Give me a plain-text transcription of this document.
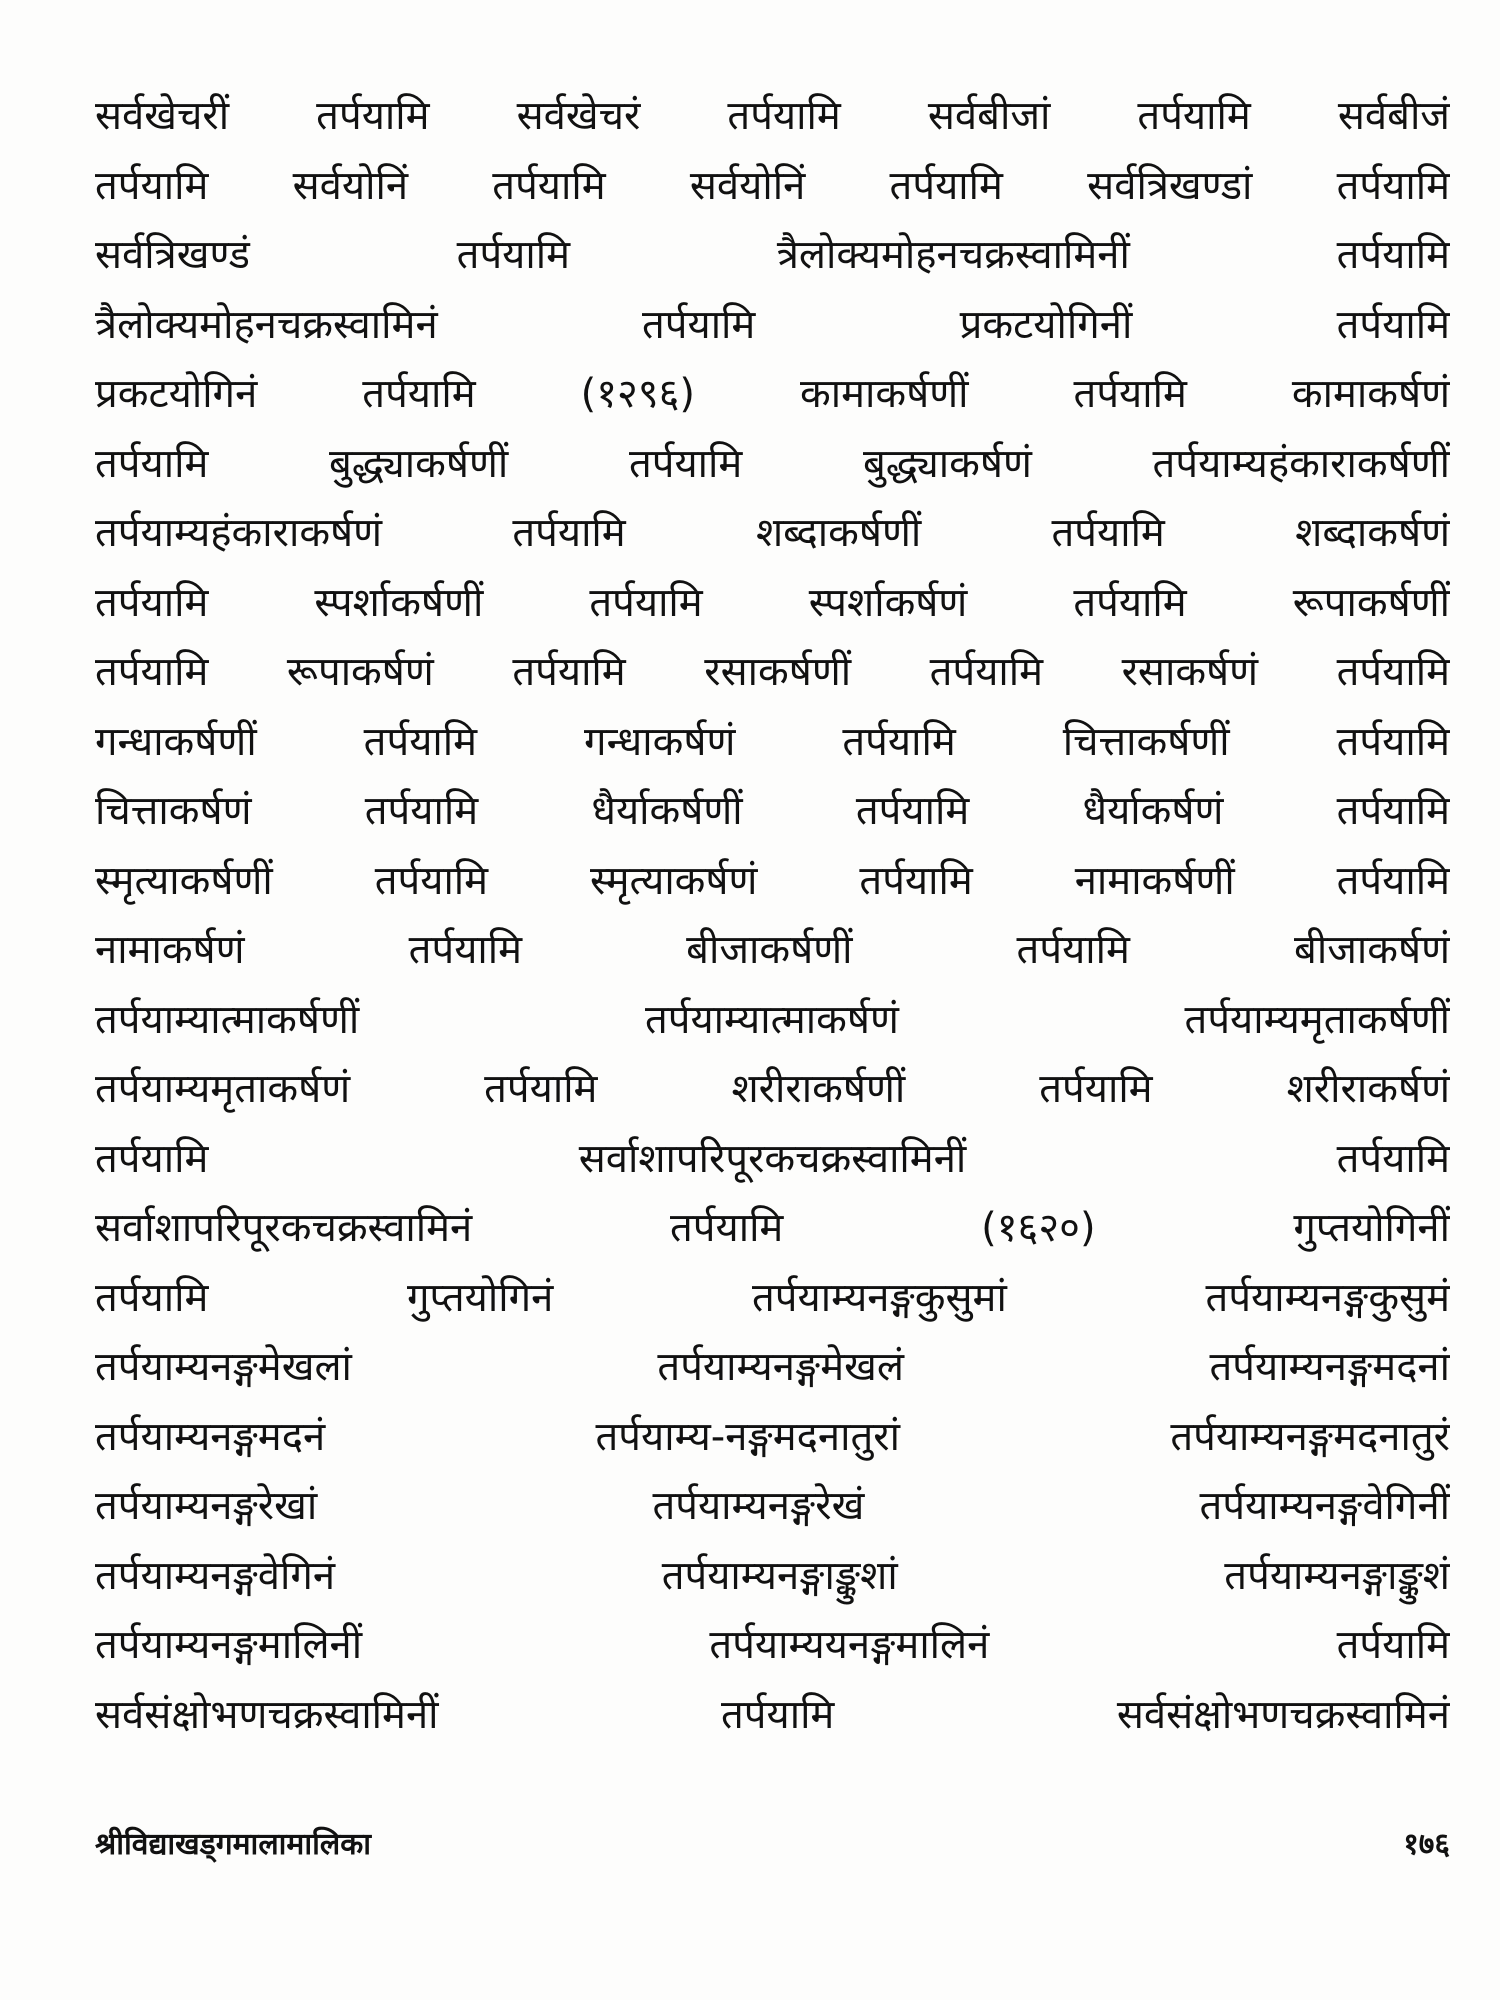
सर्वखेचरीं तर्पयामि सर्वखेचरं तर्पयामि सर्वबीजां तर्पयामि सर्वबीजं
तर्पयामि सर्वयोनिं तर्पयामि सर्वयोनिं तर्पयामि सर्वत्रिखण्डां तर्पयामि
सर्वत्रिखण्डं तर्पयामि त्रैलोक्यमोहनचक्रस्वामिनीं तर्पयामि
त्रैलोक्यमोहनचक्रस्वामिनं तर्पयामि प्रकटयोगिनीं तर्पयामि
प्रकटयोगिनं तर्पयामि (१२९६) कामाकर्षणीं तर्पयामि कामाकर्षणं
तर्पयामि बुद्ध्याकर्षणीं तर्पयामि बुद्ध्याकर्षणं तर्पयाम्यहंकाराकर्षणीं
तर्पयाम्यहंकाराकर्षणं तर्पयामि शब्दाकर्षणीं तर्पयामि शब्दाकर्षणं
तर्पयामि स्पर्शाकर्षणीं तर्पयामि स्पर्शाकर्षणं तर्पयामि रूपाकर्षणीं
तर्पयामि रूपाकर्षणं तर्पयामि रसाकर्षणीं तर्पयामि रसाकर्षणं तर्पयामि
गन्धाकर्षणीं तर्पयामि गन्धाकर्षणं तर्पयामि चित्ताकर्षणीं तर्पयामि
चित्ताकर्षणं तर्पयामि धैर्याकर्षणीं तर्पयामि धैर्याकर्षणं तर्पयामि
स्मृत्याकर्षणीं तर्पयामि स्मृत्याकर्षणं तर्पयामि नामाकर्षणीं तर्पयामि
नामाकर्षणं तर्पयामि बीजाकर्षणीं तर्पयामि बीजाकर्षणं
तर्पयाम्यात्माकर्षणीं तर्पयाम्यात्माकर्षणं तर्पयाम्यमृताकर्षणीं
तर्पयाम्यमृताकर्षणं तर्पयामि शरीराकर्षणीं तर्पयामि शरीराकर्षणं
तर्पयामि सर्वाशापरिपूरकचक्रस्वामिनीं तर्पयामि
सर्वाशापरिपूरकचक्रस्वामिनं तर्पयामि (१६२०) गुप्तयोगिनीं
तर्पयामि गुप्तयोगिनं तर्पयाम्यनङ्गकुसुमां तर्पयाम्यनङ्गकुसुमं
तर्पयाम्यनङ्गमेखलां तर्पयाम्यनङ्गमेखलं तर्पयाम्यनङ्गमदनां
तर्पयाम्यनङ्गमदनं तर्पयाम्य-नङ्गमदनातुरां तर्पयाम्यनङ्गमदनातुरं
तर्पयाम्यनङ्गरेखां तर्पयाम्यनङ्गरेखं तर्पयाम्यनङ्गवेगिनीं
तर्पयाम्यनङ्गवेगिनं तर्पयाम्यनङ्गाङ्कुशां तर्पयाम्यनङ्गाङ्कुशं
तर्पयाम्यनङ्गमालिनीं तर्पयाम्ययनङ्गमालिनं तर्पयामि
सर्वसंक्षोभणचक्रस्वामिनीं तर्पयामि सर्वसंक्षोभणचक्रस्वामिनं
श्रीविद्याखड्गमालामालिका	१७६
